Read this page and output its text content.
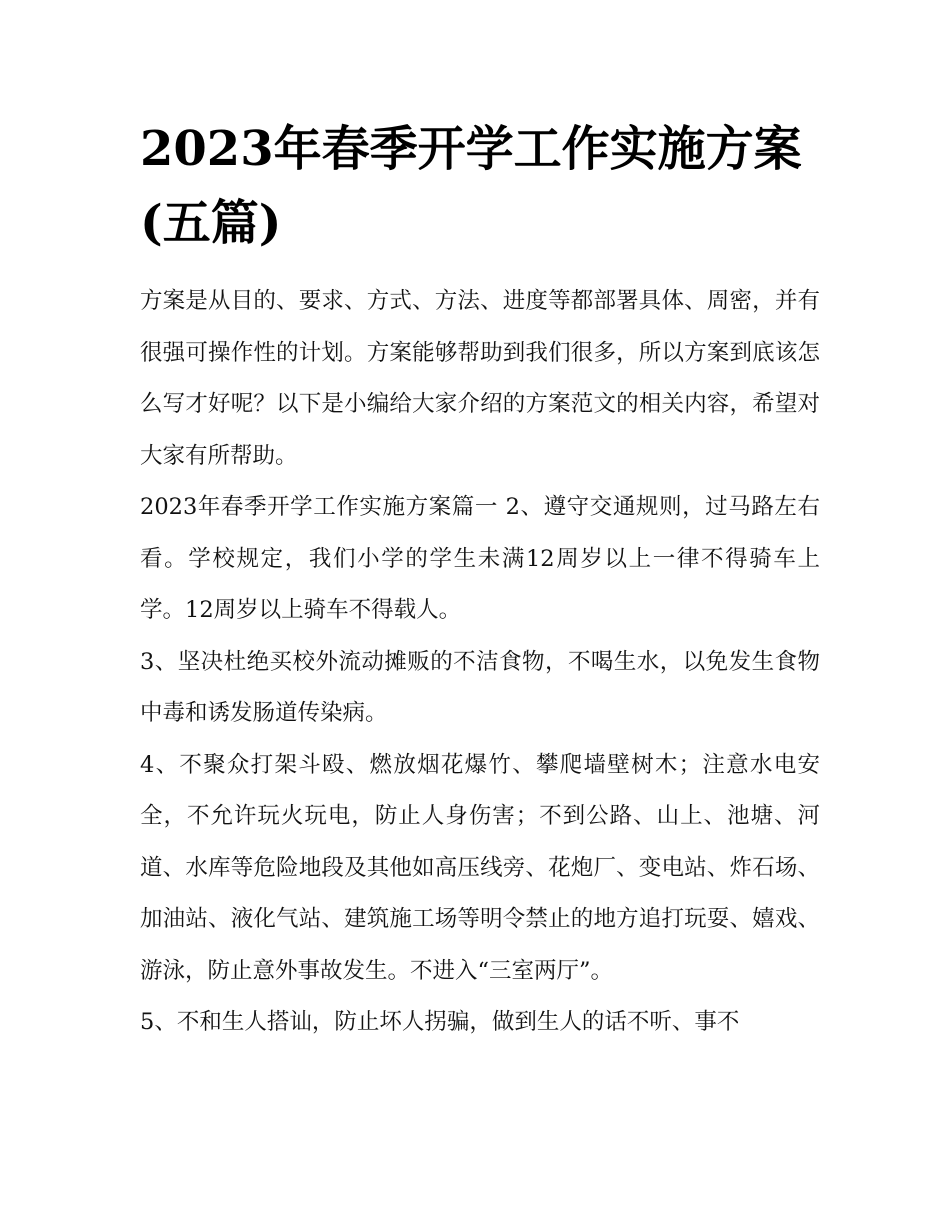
2023年春季开学工作实施方案(五篇)

方案是从目的、要求、方式、方法、进度等都部署具体、周密，并有很强可操作性的计划。方案能够帮助到我们很多，所以方案到底该怎么写才好呢？以下是小编给大家介绍的方案范文的相关内容，希望对大家有所帮助。

2023年春季开学工作实施方案篇一 2、遵守交通规则，过马路左右看。学校规定，我们小学的学生未满12周岁以上一律不得骑车上学。12周岁以上骑车不得载人。

3、坚决杜绝买校外流动摊贩的不洁食物，不喝生水，以免发生食物中毒和诱发肠道传染病。

4、不聚众打架斗殴、燃放烟花爆竹、攀爬墙壁树木；注意水电安全，不允许玩火玩电，防止人身伤害；不到公路、山上、池塘、河道、水库等危险地段及其他如高压线旁、花炮厂、变电站、炸石场、加油站、液化气站、建筑施工场等明令禁止的地方追打玩耍、嬉戏、游泳，防止意外事故发生。不进入“三室两厅”。

5、不和生人搭讪，防止坏人拐骗，做到生人的话不听、事不
